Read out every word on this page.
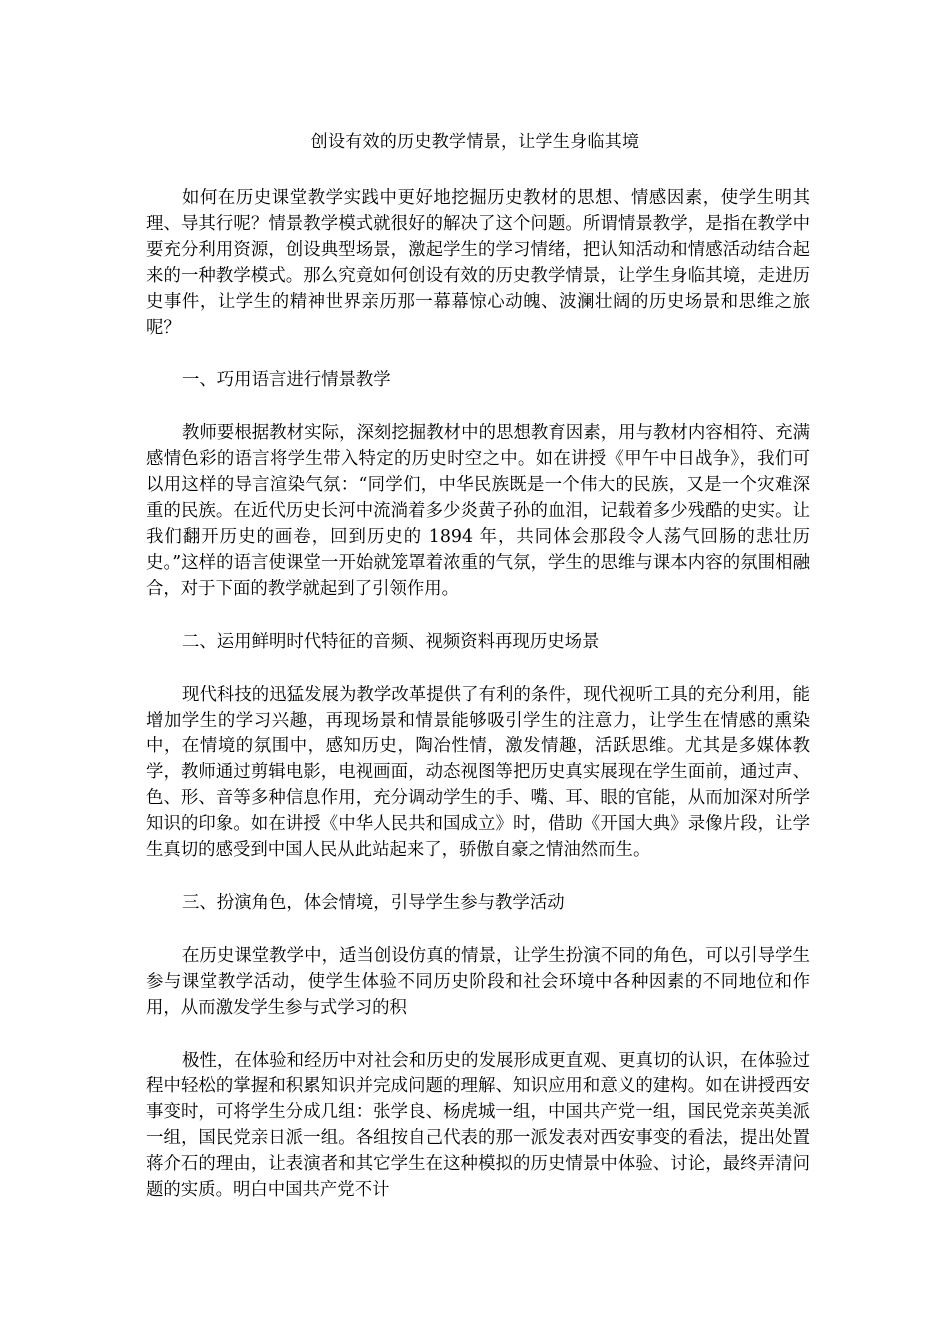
创设有效的历史教学情景，让学生身临其境

如何在历史课堂教学实践中更好地挖掘历史教材的思想、情感因素，使学生明其理、导其行呢？情景教学模式就很好的解决了这个问题。所谓情景教学，是指在教学中要充分利用资源，创设典型场景，激起学生的学习情绪，把认知活动和情感活动结合起来的一种教学模式。那么究竟如何创设有效的历史教学情景，让学生身临其境，走进历史事件，让学生的精神世界亲历那一幕幕惊心动魄、波澜壮阔的历史场景和思维之旅呢？

一、巧用语言进行情景教学

教师要根据教材实际，深刻挖掘教材中的思想教育因素，用与教材内容相符、充满感情色彩的语言将学生带入特定的历史时空之中。如在讲授《甲午中日战争》，我们可以用这样的导言渲染气氛：“同学们，中华民族既是一个伟大的民族，又是一个灾难深重的民族。在近代历史长河中流淌着多少炎黄子孙的血泪，记载着多少残酷的史实。让我们翻开历史的画卷，回到历史的 1894 年，共同体会那段令人荡气回肠的悲壮历史。”这样的语言使课堂一开始就笼罩着浓重的气氛，学生的思维与课本内容的氛围相融合，对于下面的教学就起到了引领作用。

二、运用鲜明时代特征的音频、视频资料再现历史场景

现代科技的迅猛发展为教学改革提供了有利的条件，现代视听工具的充分利用，能增加学生的学习兴趣，再现场景和情景能够吸引学生的注意力，让学生在情感的熏染中，在情境的氛围中，感知历史，陶冶性情，激发情趣，活跃思维。尤其是多媒体教学，教师通过剪辑电影，电视画面，动态视图等把历史真实展现在学生面前，通过声、色、形、音等多种信息作用，充分调动学生的手、嘴、耳、眼的官能，从而加深对所学知识的印象。如在讲授《中华人民共和国成立》时，借助《开国大典》录像片段，让学生真切的感受到中国人民从此站起来了，骄傲自豪之情油然而生。

三、扮演角色，体会情境，引导学生参与教学活动

在历史课堂教学中，适当创设仿真的情景，让学生扮演不同的角色，可以引导学生参与课堂教学活动，使学生体验不同历史阶段和社会环境中各种因素的不同地位和作用，从而激发学生参与式学习的积

极性，在体验和经历中对社会和历史的发展形成更直观、更真切的认识，在体验过程中轻松的掌握和积累知识并完成问题的理解、知识应用和意义的建构。如在讲授西安事变时，可将学生分成几组：张学良、杨虎城一组，中国共产党一组，国民党亲英美派一组，国民党亲日派一组。各组按自己代表的那一派发表对西安事变的看法，提出处置蒋介石的理由，让表演者和其它学生在这种模拟的历史情景中体验、讨论，最终弄清问题的实质。明白中国共产党不计
